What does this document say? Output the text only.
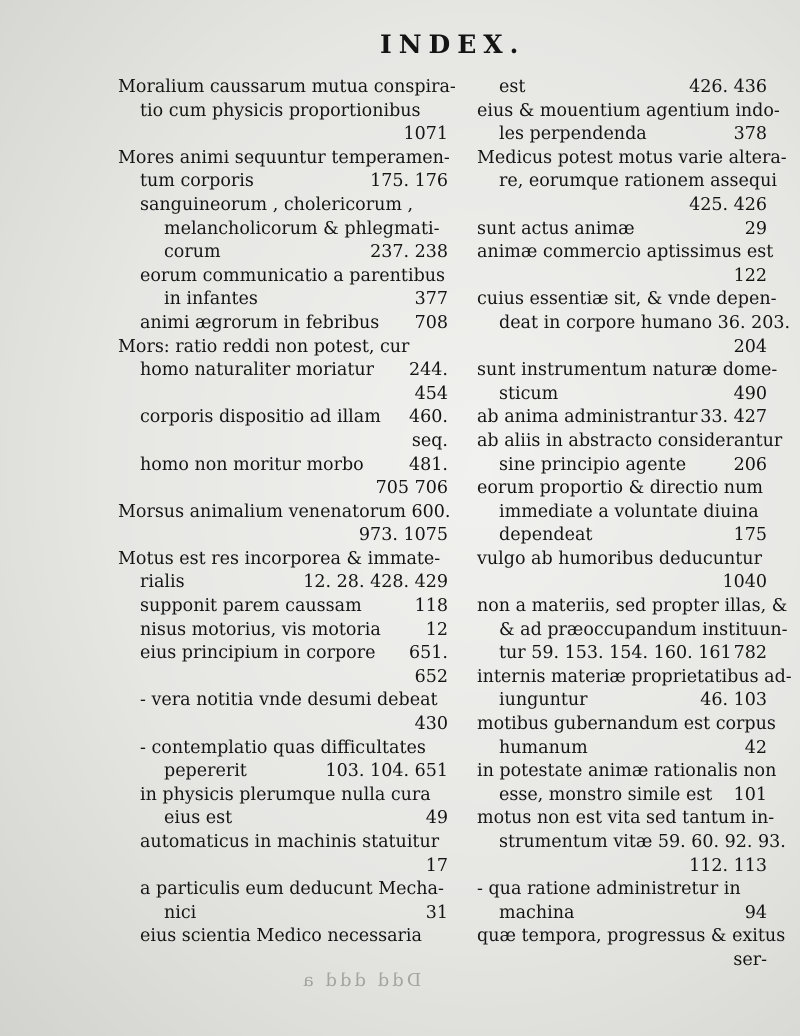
INDEX.
Moralium caussarum mutua conspira-
tio cum physicis proportionibus
1071
Mores animi sequuntur temperamen-
tum corporis	175. 176
sanguineorum , cholericorum ,
melancholicorum & phlegmati-
corum	237. 238
eorum communicatio a parentibus
in infantes	377
animi ægrorum in febribus 708
Mors: ratio reddi non potest, cur
homo naturaliter moriatur 244.
454
corporis dispositio ad illam 460.
seq.
homo non moritur morbo	481.
705 706
Morsus animalium venenatorum 600.
973. 1075
Motus est res incorporea & immate-
rialis	12. 28. 428. 429
supponit parem caussam	118
nisus motorius, vis motoria	12
eius principium in corpore 651.
652
- vera notitia vnde desumi debeat
430
- contemplatio quas difficultates
pepererit	103. 104. 651
in physicis plerumque nulla cura
eius est	49
automaticus in machinis statuitur
17
a particulis eum deducunt Mecha-
nici	31
eius scientia Medico necessaria
est	426. 436
eius & mouentium agentium indo-
les perpendenda	378
Medicus potest motus varie altera-
re, eorumque rationem assequi
425. 426
sunt actus animæ	29
animæ commercio aptissimus est
122
cuius essentiæ sit, & vnde depen-
deat in corpore humano 36. 203.
204
sunt instrumentum naturæ dome-
sticum	490
ab anima administrantur 33. 427
ab aliis in abstracto considerantur
sine principio agente	206
eorum proportio & directio num
immediate a voluntate diuina
dependeat	175
vulgo ab humoribus deducuntur
1040
non a materiis, sed propter illas, &
& ad præoccupandum instituun-
tur 59. 153. 154. 160. 161 782
internis materiæ proprietatibus ad-
iunguntur	46. 103
motibus gubernandum est corpus
humanum	42
in potestate animæ rationalis non
esse, monstro simile est 101
motus non est vita sed tantum in-
strumentum vitæ 59. 60. 92. 93.
112. 113
- qua ratione administretur in
machina	94
quæ tempora, progressus & exitus
ser-
Ddd ddd a
